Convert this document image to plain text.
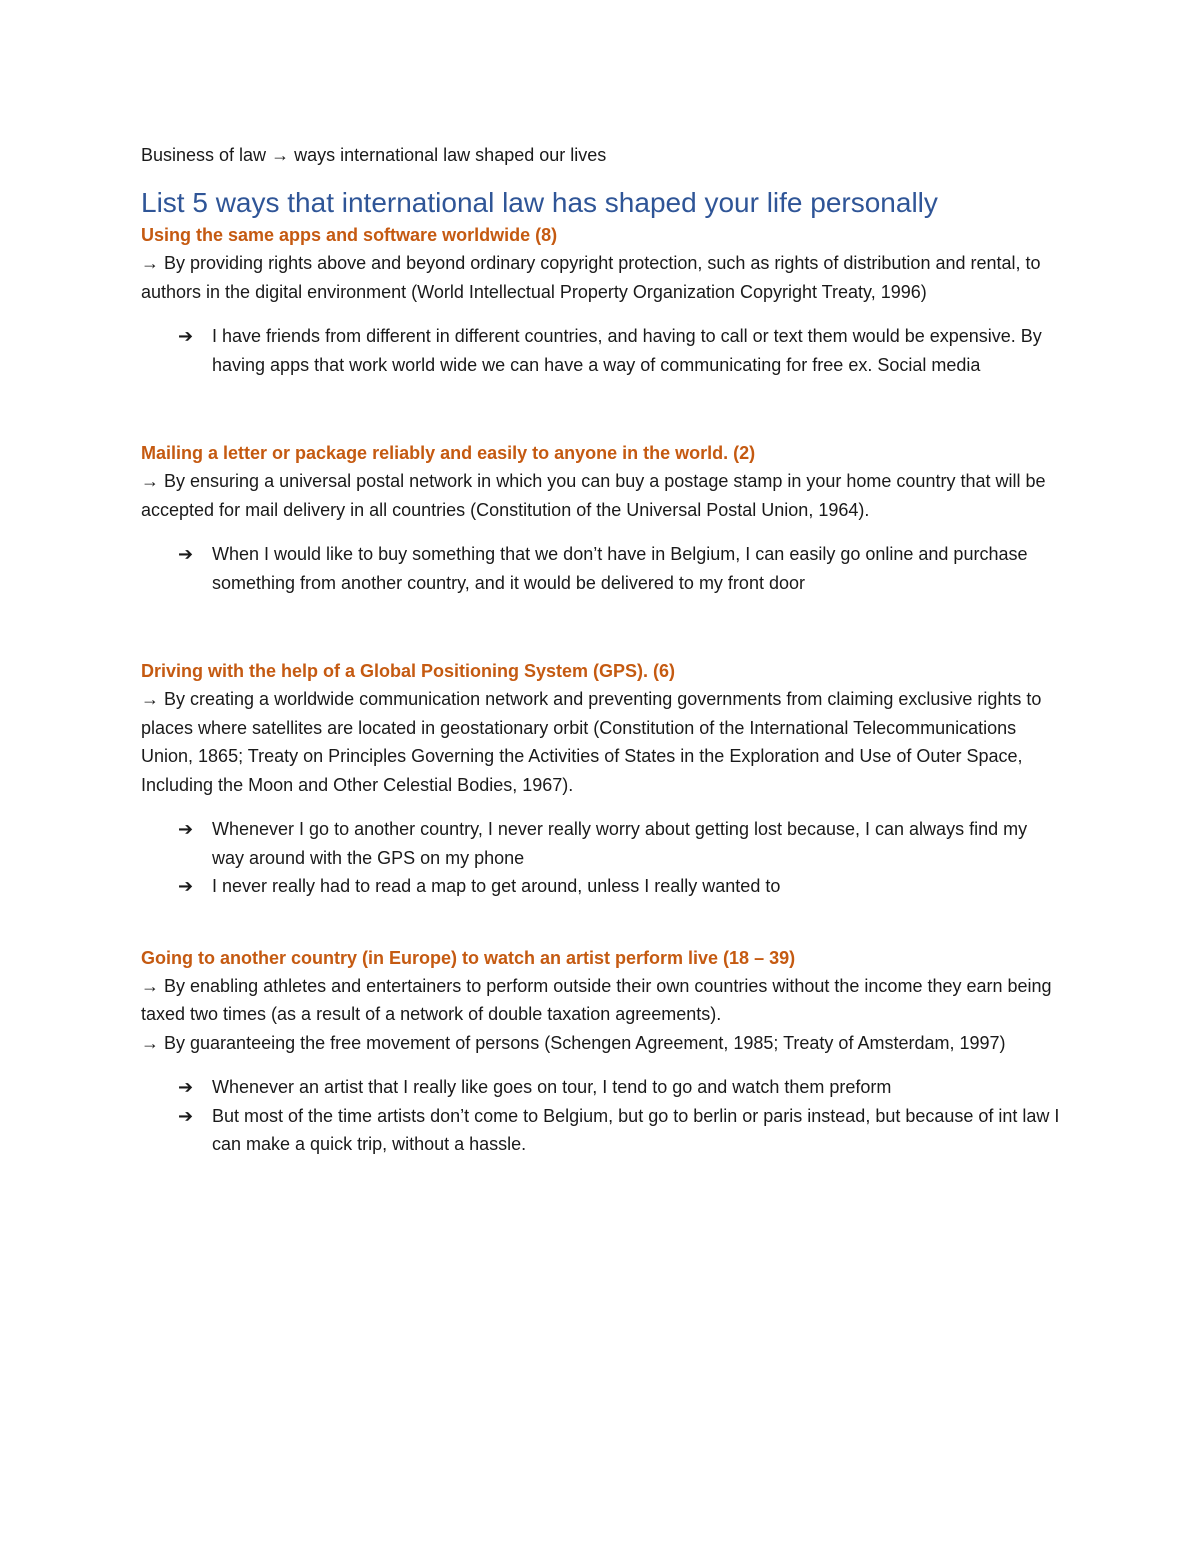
Business of law → ways international law shaped our lives

List 5 ways that international law has shaped your life personally
Using the same apps and software worldwide (8)

→ By providing rights above and beyond ordinary copyright protection, such as rights of distribution and rental, to authors in the digital environment (World Intellectual Property Organization Copyright Treaty, 1996)

➔ I have friends from different in different countries, and having to call or text them would be expensive. By having apps that work world wide we can have a way of communicating for free ex. Social media
Mailing a letter or package reliably and easily to anyone in the world. (2)

→ By ensuring a universal postal network in which you can buy a postage stamp in your home country that will be accepted for mail delivery in all countries (Constitution of the Universal Postal Union, 1964).

➔ When I would like to buy something that we don’t have in Belgium, I can easily go online and purchase something from another country, and it would be delivered to my front door
Driving with the help of a Global Positioning System (GPS). (6)

→ By creating a worldwide communication network and preventing governments from claiming exclusive rights to places where satellites are located in geostationary orbit (Constitution of the International Telecommunications Union, 1865; Treaty on Principles Governing the Activities of States in the Exploration and Use of Outer Space, Including the Moon and Other Celestial Bodies, 1967).

➔ Whenever I go to another country, I never really worry about getting lost because, I can always find my way around with the GPS on my phone
➔ I never really had to read a map to get around, unless I really wanted to
Going to another country (in Europe) to watch an artist perform live (18 – 39)

→ By enabling athletes and entertainers to perform outside their own countries without the income they earn being taxed two times (as a result of a network of double taxation agreements).

→ By guaranteeing the free movement of persons (Schengen Agreement, 1985; Treaty of Amsterdam, 1997)

➔ Whenever an artist that I really like goes on tour, I tend to go and watch them preform
➔ But most of the time artists don’t come to Belgium, but go to berlin or paris instead, but because of int law I can make a quick trip, without a hassle.
